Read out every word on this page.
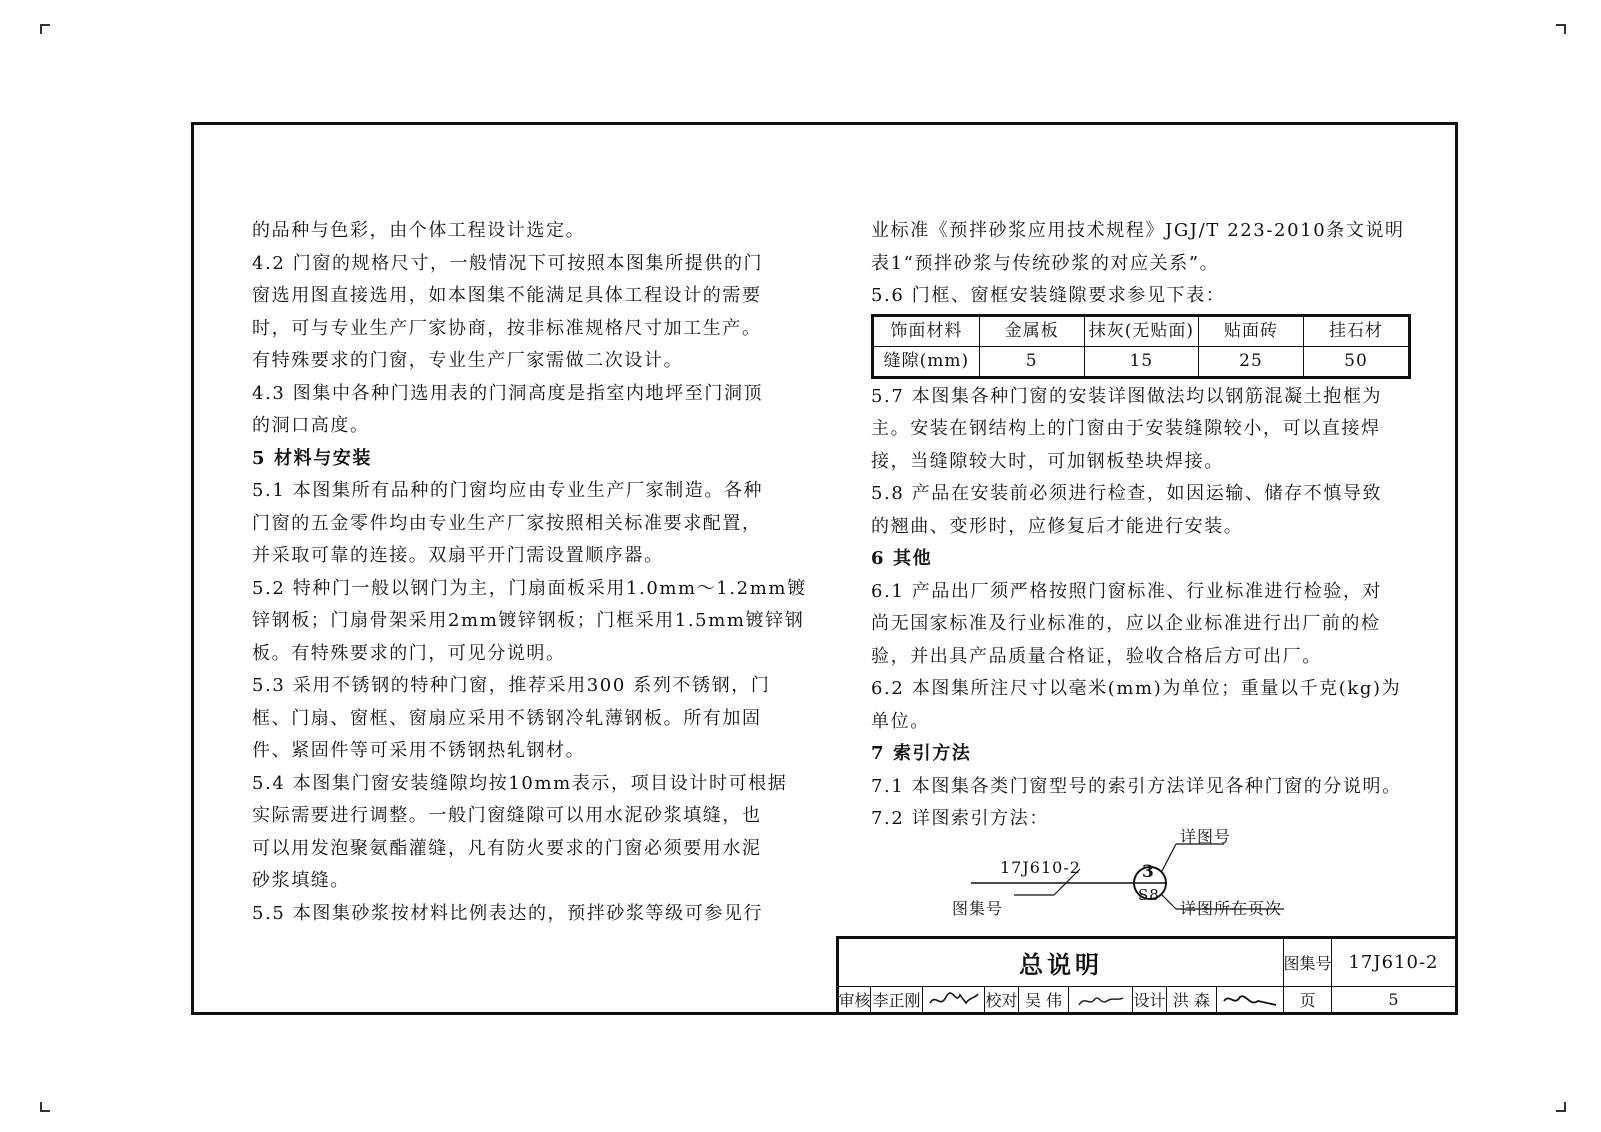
的品种与色彩，由个体工程设计选定。

4.2 门窗的规格尺寸，一般情况下可按照本图集所提供的门

窗选用图直接选用，如本图集不能满足具体工程设计的需要

时，可与专业生产厂家协商，按非标准规格尺寸加工生产。

有特殊要求的门窗，专业生产厂家需做二次设计。

4.3 图集中各种门选用表的门洞高度是指室内地坪至门洞顶

的洞口高度。

5 材料与安装

5.1 本图集所有品种的门窗均应由专业生产厂家制造。各种

门窗的五金零件均由专业生产厂家按照相关标准要求配置，

并采取可靠的连接。双扇平开门需设置顺序器。

5.2 特种门一般以钢门为主，门扇面板采用1.0mm～1.2mm镀

锌钢板；门扇骨架采用2mm镀锌钢板；门框采用1.5mm镀锌钢

板。有特殊要求的门，可见分说明。

5.3 采用不锈钢的特种门窗，推荐采用300 系列不锈钢，门

框、门扇、窗框、窗扇应采用不锈钢冷轧薄钢板。所有加固

件、紧固件等可采用不锈钢热轧钢材。

5.4 本图集门窗安装缝隙均按10mm表示，项目设计时可根据

实际需要进行调整。一般门窗缝隙可以用水泥砂浆填缝，也

可以用发泡聚氨酯灌缝，凡有防火要求的门窗必须要用水泥

砂浆填缝。

5.5 本图集砂浆按材料比例表达的，预拌砂浆等级可参见行

业标准《预拌砂浆应用技术规程》JGJ/T 223-2010条文说明

表1“预拌砂浆与传统砂浆的对应关系”。

5.6 门框、窗框安装缝隙要求参见下表：

饰面材料	金属板	抹灰(无贴面)	贴面砖	挂石材
缝隙(mm)	5	15	25	50

5.7 本图集各种门窗的安装详图做法均以钢筋混凝土抱框为

主。安装在钢结构上的门窗由于安装缝隙较小，可以直接焊

接，当缝隙较大时，可加钢板垫块焊接。

5.8 产品在安装前必须进行检查，如因运输、储存不慎导致

的翘曲、变形时，应修复后才能进行安装。

6 其他

6.1 产品出厂须严格按照门窗标准、行业标准进行检验，对

尚无国家标准及行业标准的，应以企业标准进行出厂前的检

验，并出具产品质量合格证，验收合格后方可出厂。

6.2 本图集所注尺寸以毫米(mm)为单位；重量以千克(kg)为

单位。

7 索引方法

7.1 本图集各类门窗型号的索引方法详见各种门窗的分说明。

7.2 详图索引方法：

17J610-2	3
S8
详图号
图集号	详图所在页次
总说明	图集号 17J610-2
审核 李正刚	校对 吴 伟	设计 洪 森	页	5
